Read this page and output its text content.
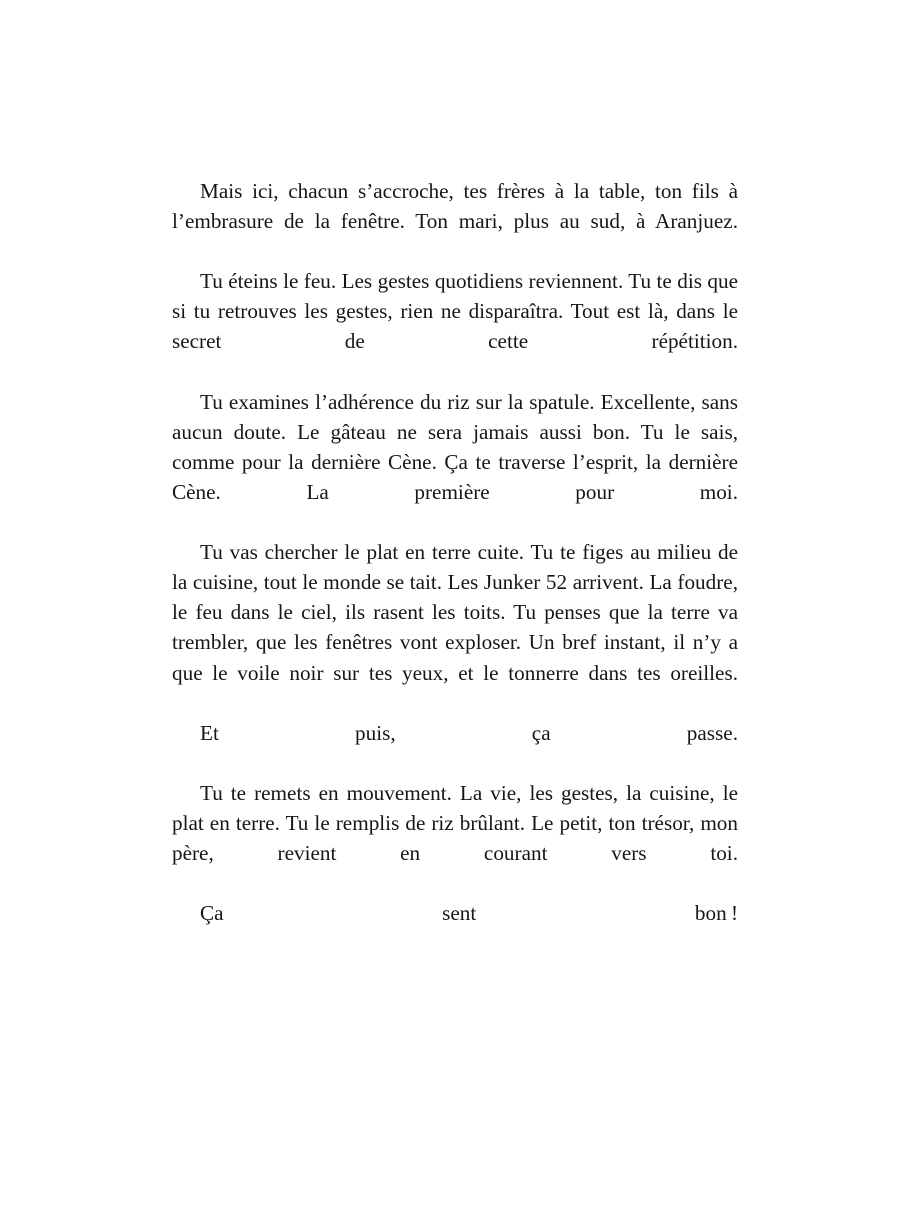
Mais ici, chacun s’accroche, tes frères à la table, ton fils à l’embrasure de la fenêtre. Ton mari, plus au sud, à Aranjuez.

Tu éteins le feu. Les gestes quotidiens reviennent. Tu te dis que si tu retrouves les gestes, rien ne disparaîtra. Tout est là, dans le secret de cette répétition.

Tu examines l’adhérence du riz sur la spatule. Excellente, sans aucun doute. Le gâteau ne sera jamais aussi bon. Tu le sais, comme pour la dernière Cène. Ça te traverse l’esprit, la dernière Cène. La première pour moi.

Tu vas chercher le plat en terre cuite. Tu te figes au milieu de la cuisine, tout le monde se tait. Les Junker 52 arrivent. La foudre, le feu dans le ciel, ils rasent les toits. Tu penses que la terre va trembler, que les fenêtres vont exploser. Un bref instant, il n’y a que le voile noir sur tes yeux, et le tonnerre dans tes oreilles.

Et puis, ça passe.

Tu te remets en mouvement. La vie, les gestes, la cuisine, le plat en terre. Tu le remplis de riz brûlant. Le petit, ton trésor, mon père, revient en courant vers toi.

Ça sent bon !
